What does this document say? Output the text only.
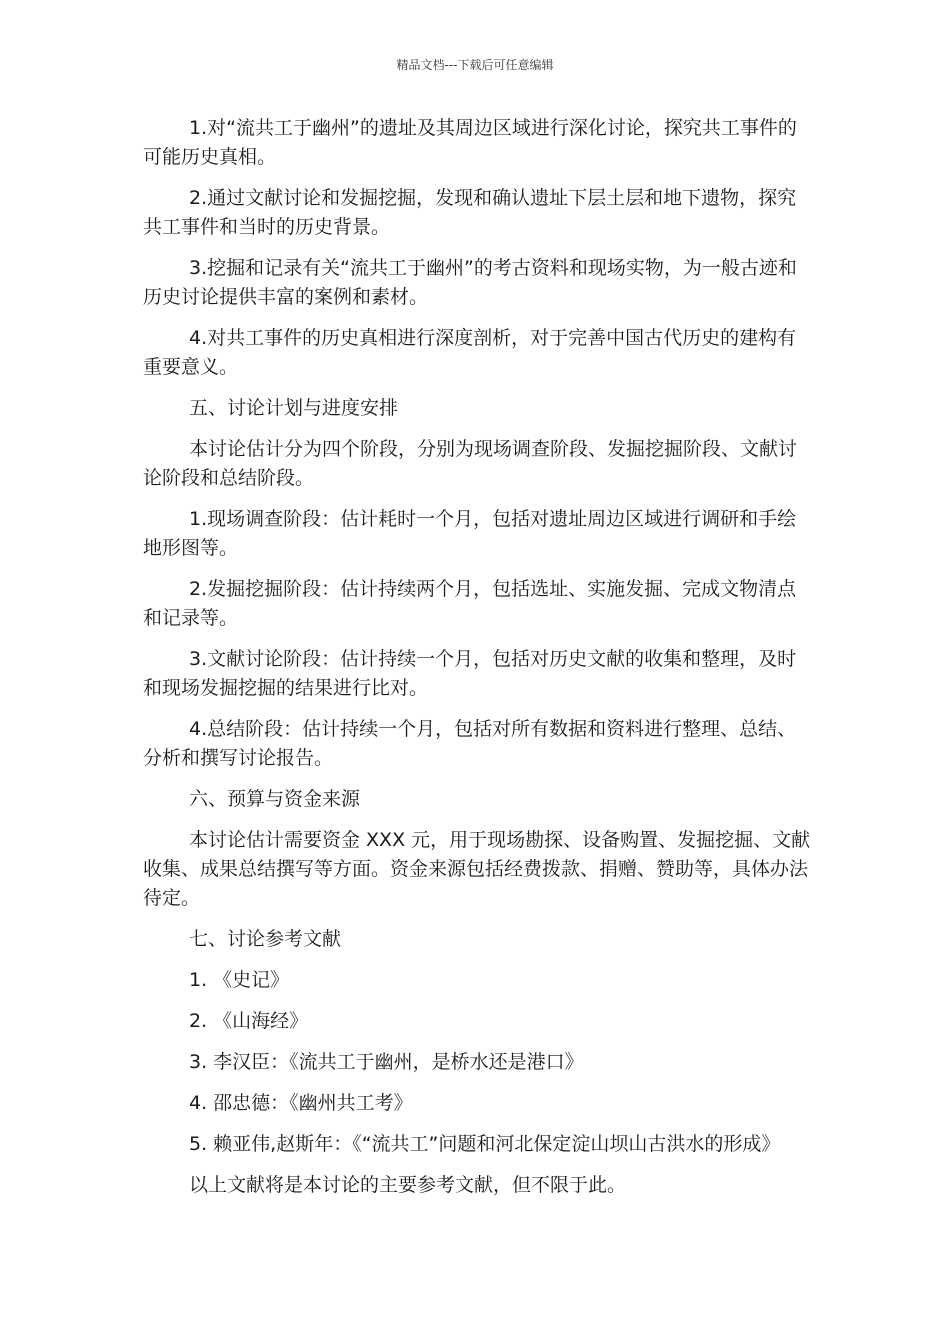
精品文档---下载后可任意编辑

1.对“流共工于幽州”的遗址及其周边区域进行深化讨论，探究共工事件的可能历史真相。

2.通过文献讨论和发掘挖掘，发现和确认遗址下层土层和地下遗物，探究共工事件和当时的历史背景。

3.挖掘和记录有关“流共工于幽州”的考古资料和现场实物，为一般古迹和历史讨论提供丰富的案例和素材。

4.对共工事件的历史真相进行深度剖析，对于完善中国古代历史的建构有重要意义。

五、讨论计划与进度安排

本讨论估计分为四个阶段，分别为现场调查阶段、发掘挖掘阶段、文献讨论阶段和总结阶段。

1.现场调查阶段：估计耗时一个月，包括对遗址周边区域进行调研和手绘地形图等。

2.发掘挖掘阶段：估计持续两个月，包括选址、实施发掘、完成文物清点和记录等。

3.文献讨论阶段：估计持续一个月，包括对历史文献的收集和整理，及时和现场发掘挖掘的结果进行比对。

4.总结阶段：估计持续一个月，包括对所有数据和资料进行整理、总结、分析和撰写讨论报告。

六、预算与资金来源

本讨论估计需要资金 XXX 元，用于现场勘探、设备购置、发掘挖掘、文献收集、成果总结撰写等方面。资金来源包括经费拨款、捐赠、赞助等，具体办法待定。

七、讨论参考文献

1. 《史记》

2. 《山海经》

3. 李汉臣：《流共工于幽州，是桥水还是港口》

4. 邵忠德：《幽州共工考》

5. 赖亚伟,赵斯年：《“流共工”问题和河北保定淀山坝山古洪水的形成》

以上文献将是本讨论的主要参考文献，但不限于此。
